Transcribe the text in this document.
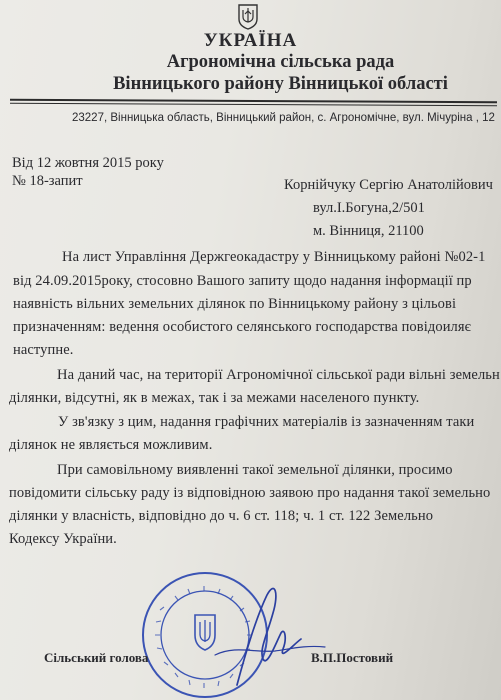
УКРАЇНА
Агрономічна сільська рада
Вінницького району Вінницької області
23227, Вінницька область, Вінницький район, с. Агрономічне, вул. Мічуріна , 12
Від 12 жовтня 2015 року
№ 18-запит	Корнійчуку Сергію Анатолійович
вул.І.Богуна,2/501
м. Вінниця, 21100
На лист Управління Держгеокадастру у Вінницькому районі №02-1
від 24.09.2015року, стосовно Вашого запиту щодо надання інформації пр
наявність вільних земельних ділянок по Вінницькому району з цільові
призначенням: ведення особистого селянського господарства повідоиляє
наступне.
На даний час, на території Агрономічної сільської ради вільні земельн
ділянки, відсутні, як в межах, так і за межами населеного пункту.
У зв'язку з цим, надання графічних матеріалів із зазначенням таки
ділянок не являється можливим.
При самовільному виявленні такої земельної ділянки, просимо
повідомити сільську раду із відповідною заявою про надання такої земельно
ділянки у власність, відповідно до ч. 6 ст. 118; ч. 1 ст. 122 Земельно
Кодексу України.
Сільський голова	В.П.Постовий
